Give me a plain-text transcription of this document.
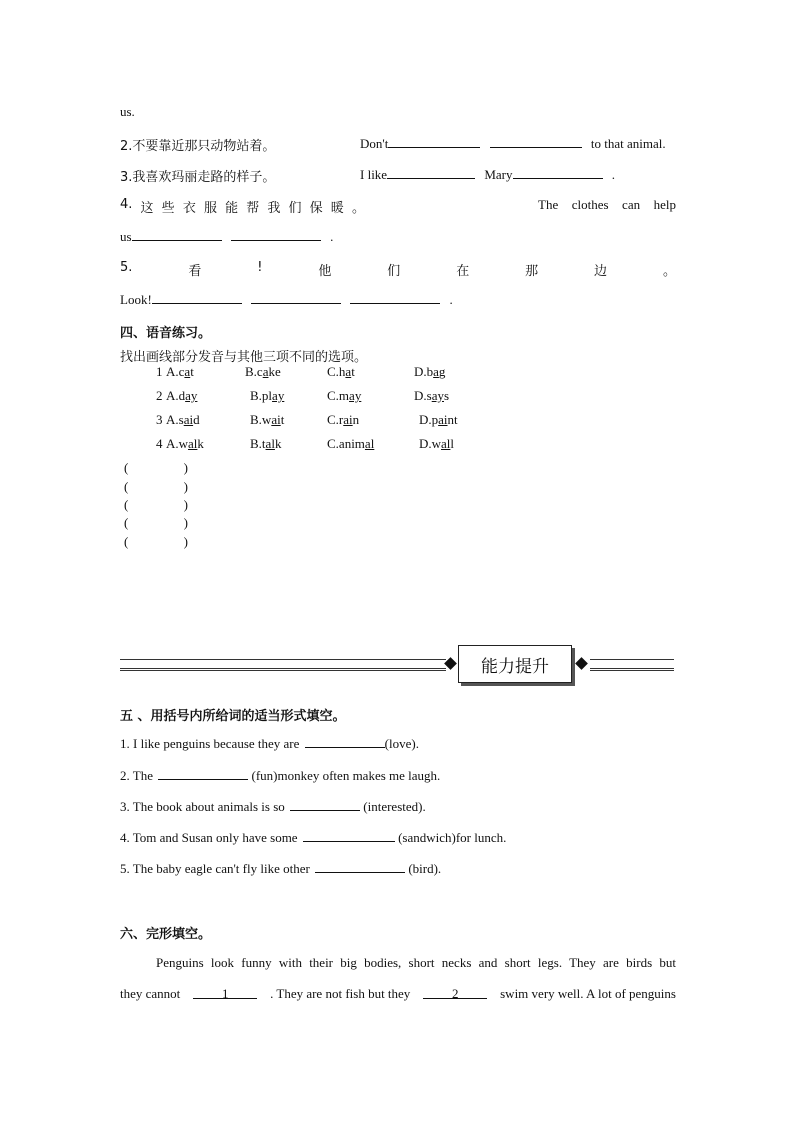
us.
2.不要靠近那只动物站着。	Don't	to that animal.
3.我喜欢玛丽走路的样子。	I like	Mary	.
4. 这 些 衣 服 能 帮 我 们 保 暖 。	The clothes can help
us	.
5.	看	!	他	们	在	那	边	。
Look!	.
四、语音练习。
找出画线部分发音与其他三项不同的选项。
1 A.cat	B.cake	C.hat	D.bag
2 A.day	B.play	C.may	D.says
3 A.said	B.wait	C.rain	D.paint
4 A.walk	B.talk	C.animal	D.wall
(	)
(	)
(	)
(	)
(	)
能力提升
五 、用括号内所给词的适当形式填空。
1. I like penguins because they are	(love).
2. The	(fun)monkey often makes me laugh.
3. The book about animals is so	(interested).
4. Tom and Susan only have some	(sandwich)for lunch.
5. The baby eagle can't fly like other	(bird).
六、完形填空。
Penguins look funny with their big bodies, short necks and short legs. They are birds but
they cannot	1	. They are not fish but they	2	swim very well. A lot of penguins
